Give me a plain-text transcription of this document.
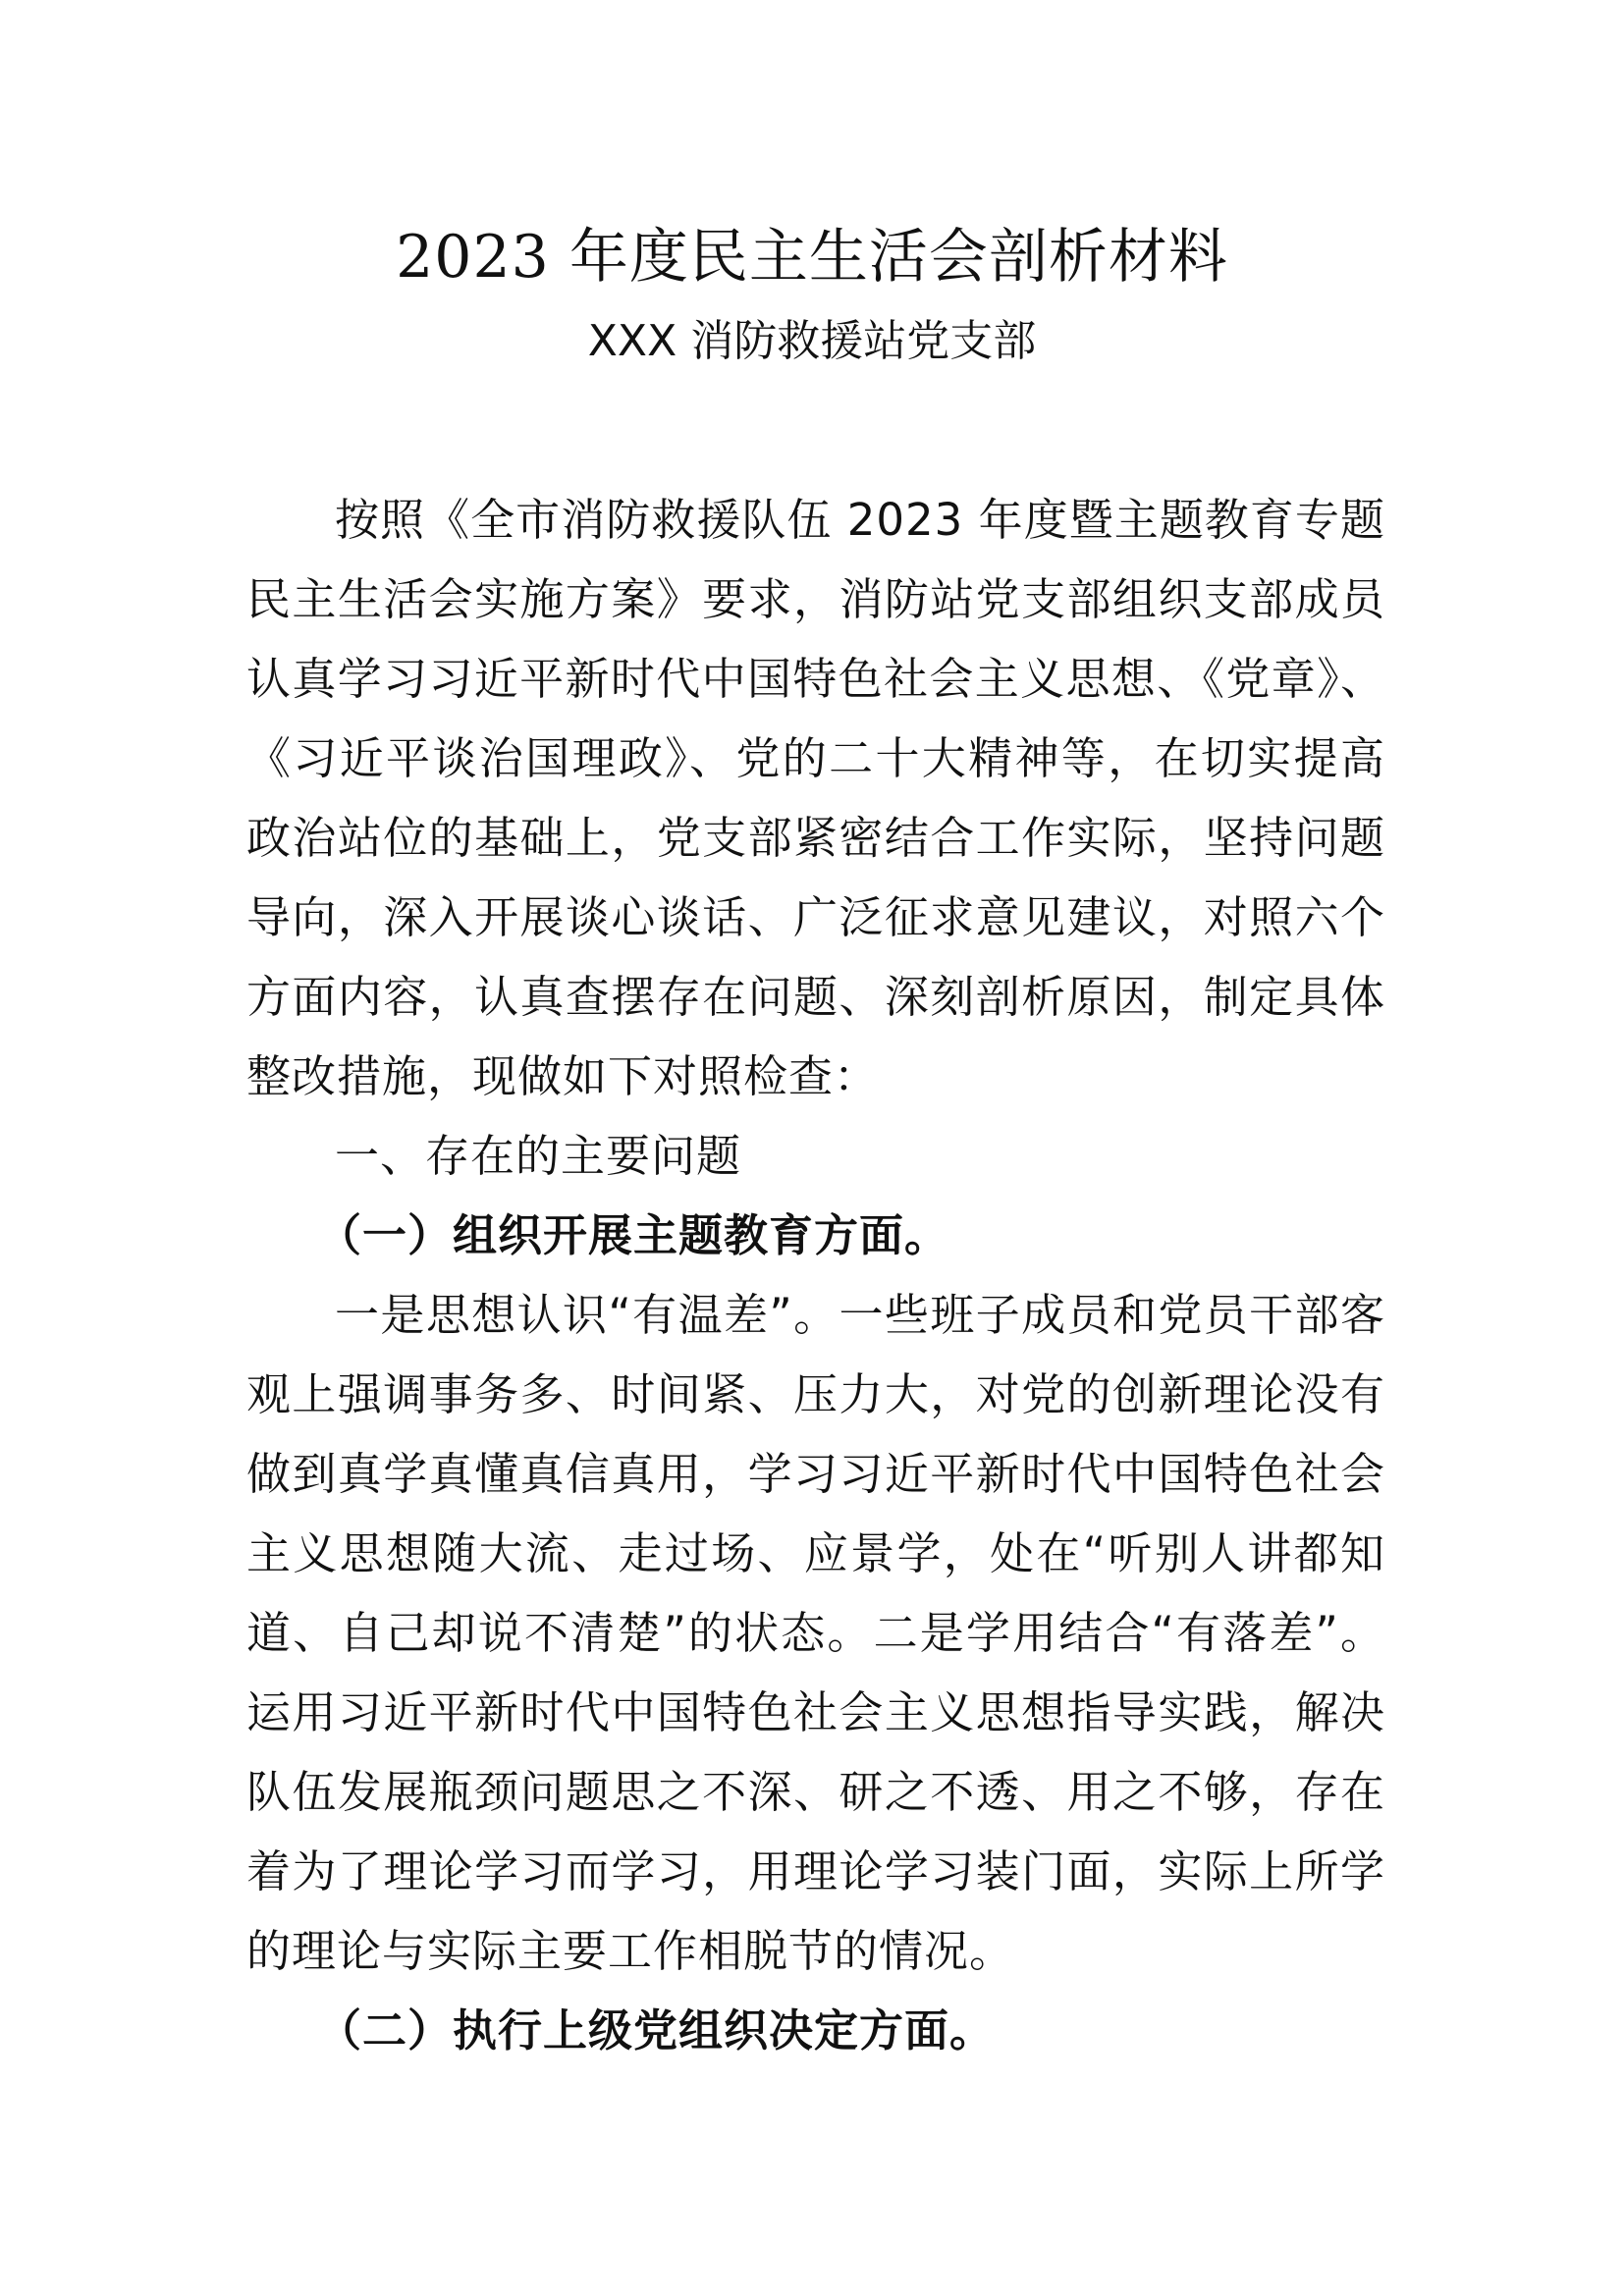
2023 年度民主生活会剖析材料
XXX 消防救援站党支部

按照《全市消防救援队伍 2023 年度暨主题教育专题民主生活会实施方案》要求，消防站党支部组织支部成员认真学习习近平新时代中国特色社会主义思想、《党章》、《习近平谈治国理政》、党的二十大精神等，在切实提高政治站位的基础上，党支部紧密结合工作实际，坚持问题导向，深入开展谈心谈话、广泛征求意见建议，对照六个方面内容，认真查摆存在问题、深刻剖析原因，制定具体整改措施，现做如下对照检查：

一、存在的主要问题

（一）组织开展主题教育方面。

一是思想认识“有温差”。一些班子成员和党员干部客观上强调事务多、时间紧、压力大，对党的创新理论没有做到真学真懂真信真用，学习习近平新时代中国特色社会主义思想随大流、走过场、应景学，处在“听别人讲都知道、自己却说不清楚”的状态。二是学用结合“有落差”。运用习近平新时代中国特色社会主义思想指导实践，解决队伍发展瓶颈问题思之不深、研之不透、用之不够，存在着为了理论学习而学习，用理论学习装门面，实际上所学的理论与实际主要工作相脱节的情况。

（二）执行上级党组织决定方面。
